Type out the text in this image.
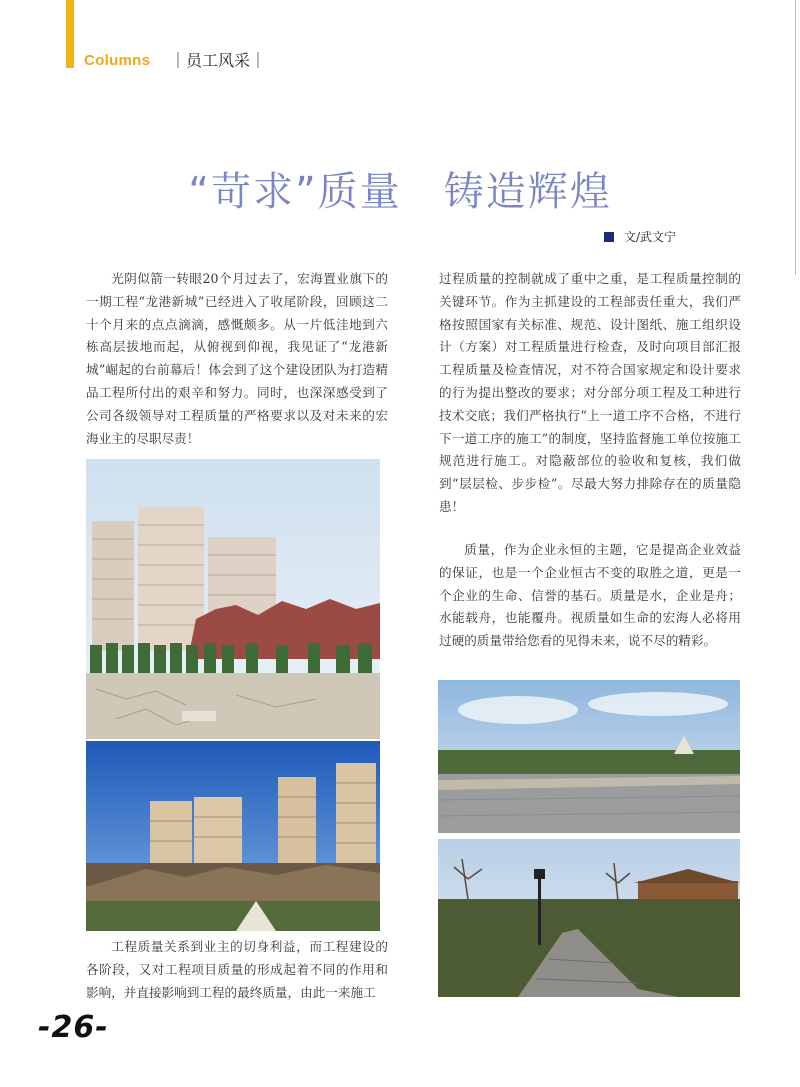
Columns ｜员工风采｜
“苛求”质量　铸造辉煌
文/武文宁

光阴似箭一转眼20个月过去了，宏海置业旗下的一期工程“龙港新城”已经进入了收尾阶段，回顾这二十个月来的点点滴滴，感慨颇多。从一片低洼地到六栋高层拔地而起，从俯视到仰视，我见证了“龙港新城”崛起的台前幕后！体会到了这个建设团队为打造精品工程所付出的艰辛和努力。同时，也深深感受到了公司各级领导对工程质量的严格要求以及对未来的宏海业主的尽职尽责！

过程质量的控制就成了重中之重，是工程质量控制的关键环节。作为主抓建设的工程部责任重大，我们严格按照国家有关标准、规范、设计图纸、施工组织设计（方案）对工程质量进行检查，及时向项目部汇报工程质量及检查情况，对不符合国家规定和设计要求的行为提出整改的要求；对分部分项工程及工种进行技术交底；我们严格执行“上一道工序不合格，不进行下一道工序的施工”的制度，坚持监督施工单位按施工规范进行施工。对隐蔽部位的验收和复核，我们做到“层层检、步步检”。尽最大努力排除存在的质量隐患！

质量，作为企业永恒的主题，它是提高企业效益的保证，也是一个企业恒古不变的取胜之道，更是一个企业的生命、信誉的基石。质量是水，企业是舟；水能载舟，也能覆舟。视质量如生命的宏海人必将用过硬的质量带给您看的见得未来，说不尽的精彩。

工程质量关系到业主的切身利益，而工程建设的各阶段，又对工程项目质量的形成起着不同的作用和影响，并直接影响到工程的最终质量，由此一来施工

-26-
